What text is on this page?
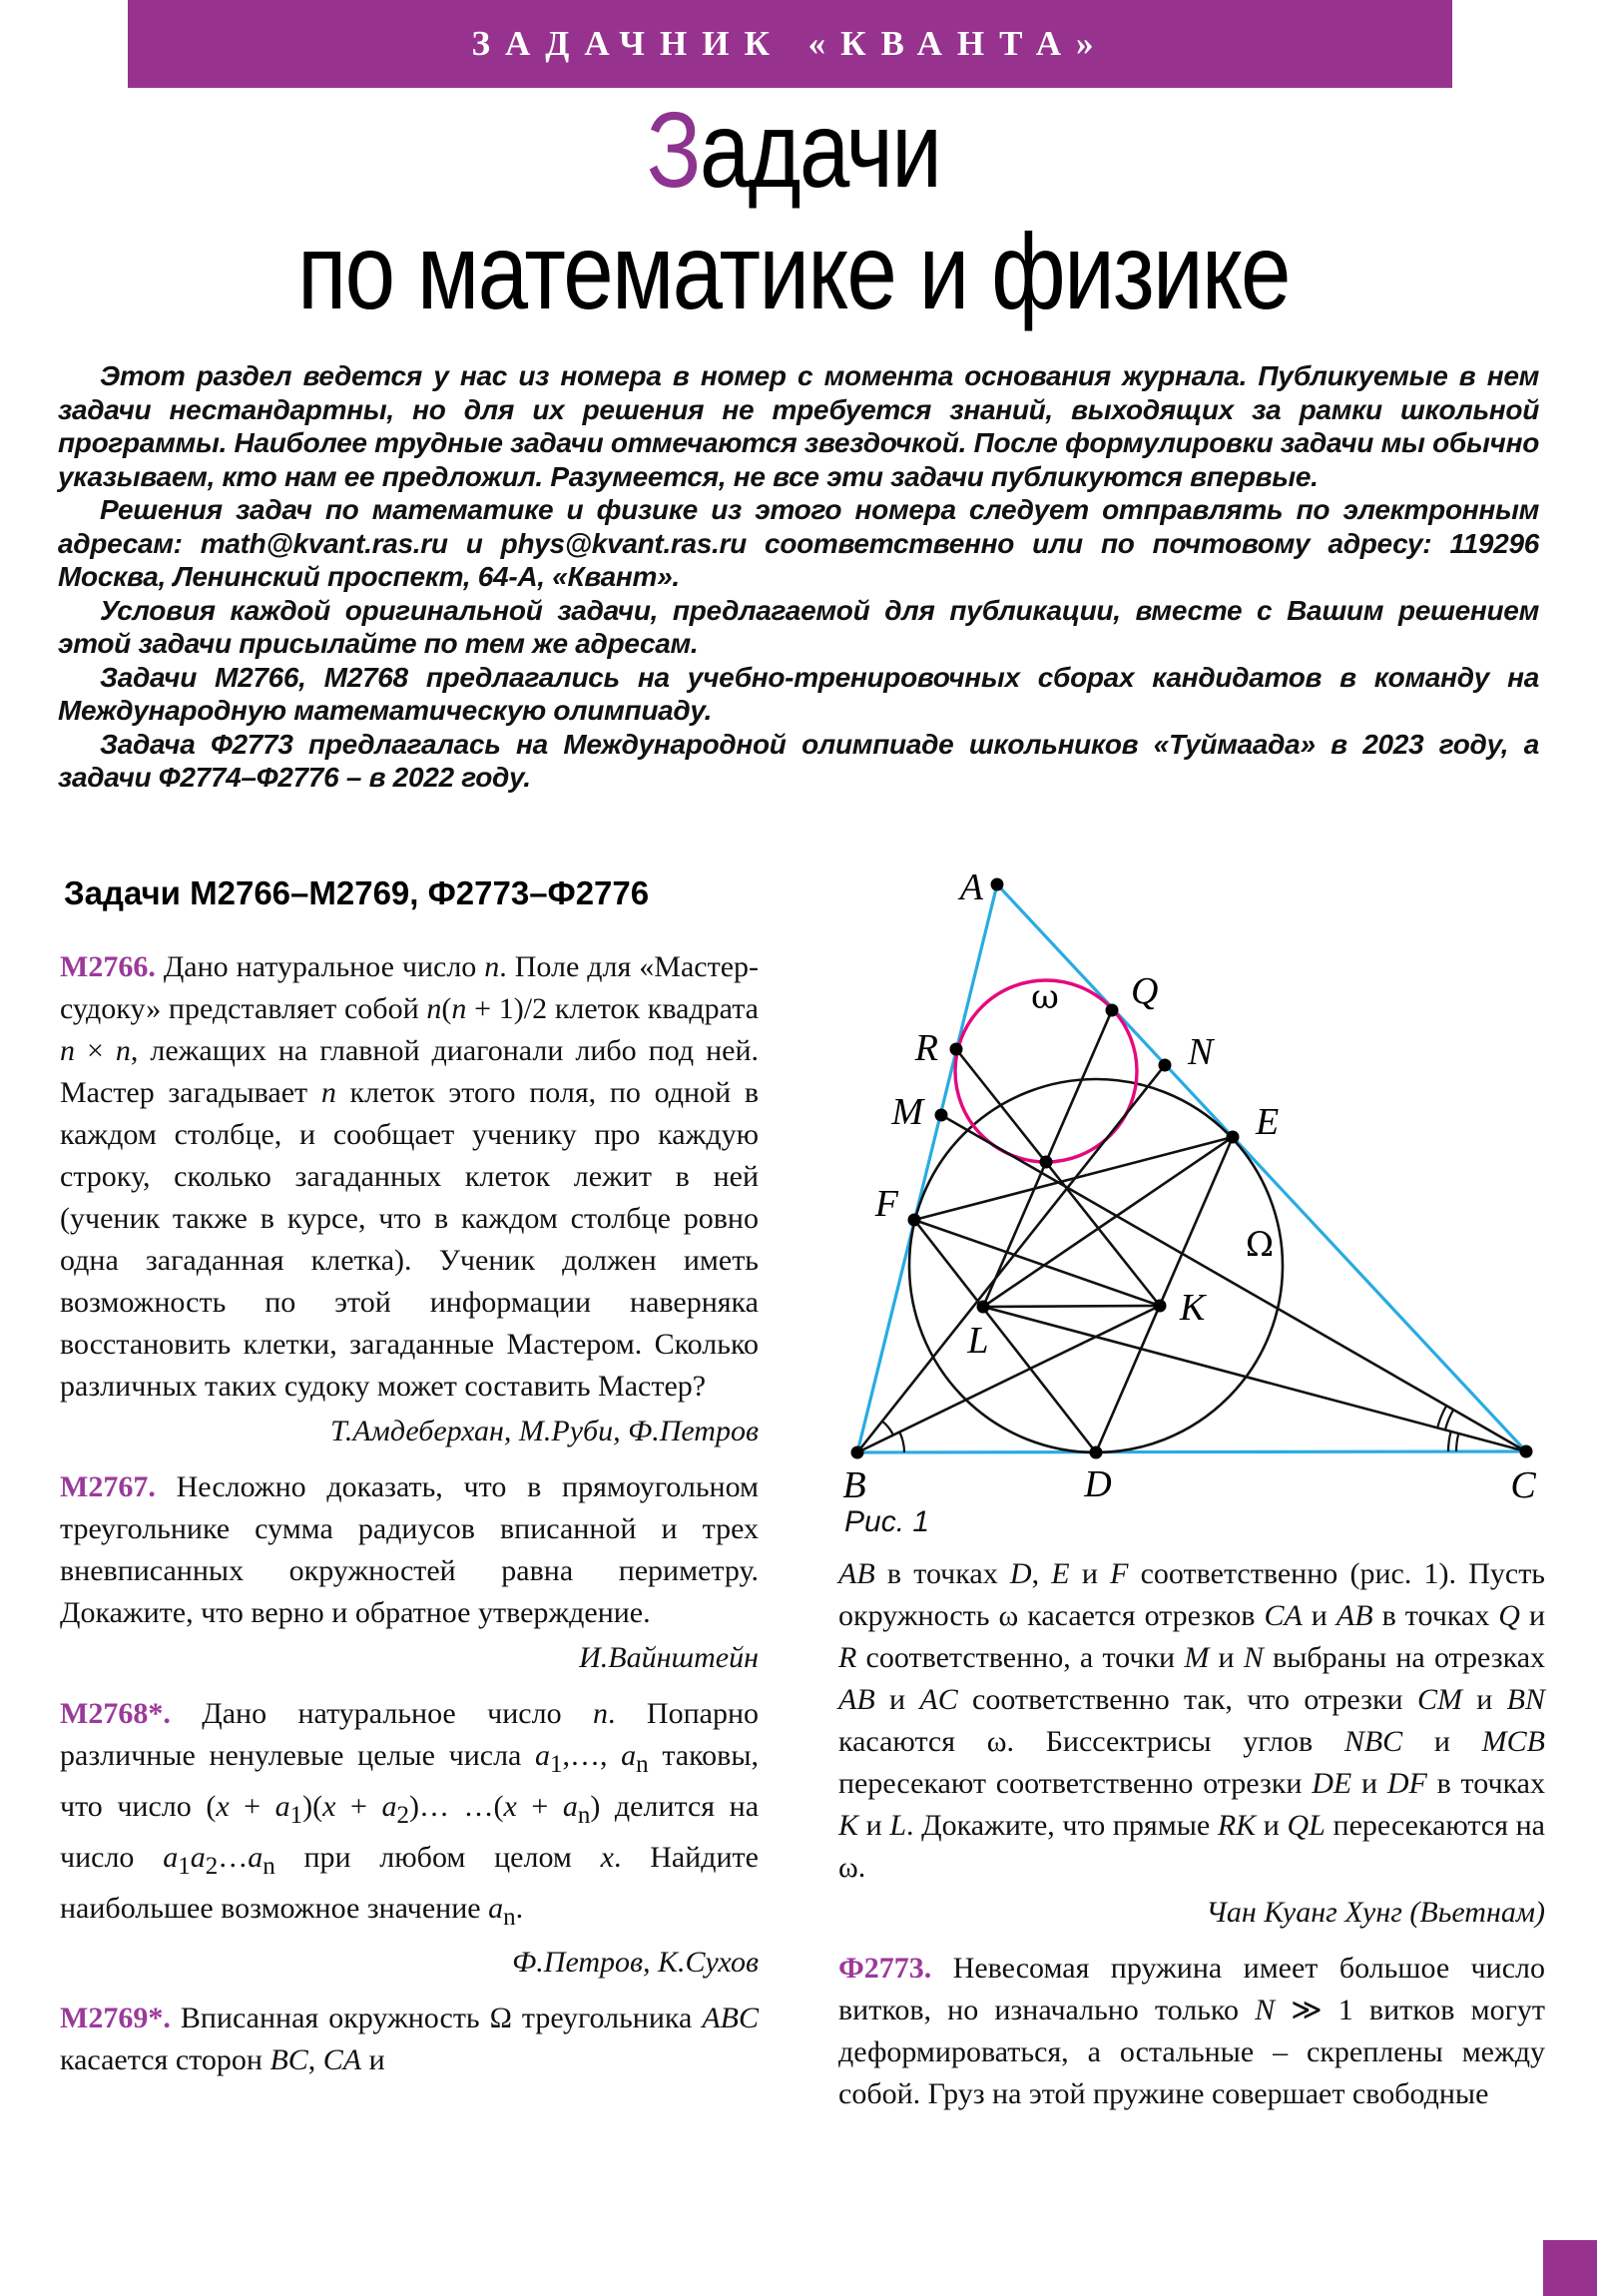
ЗАДАЧНИК «КВАНТА»
Задачи
по математике и физике

Этот раздел ведется у нас из номера в номер с момента основания журнала. Публикуемые в нем задачи нестандартны, но для их решения не требуется знаний, выходящих за рамки школьной программы. Наиболее трудные задачи отмечаются звездочкой. После формулировки задачи мы обычно указываем, кто нам ее предложил. Разумеется, не все эти задачи публикуются впервые.

Решения задач по математике и физике из этого номера следует отправлять по электронным адресам: math@kvant.ras.ru и phys@kvant.ras.ru соответственно или по почтовому адресу: 119296 Москва, Ленинский проспект, 64-А, «Квант».

Условия каждой оригинальной задачи, предлагаемой для публикации, вместе с Вашим решением этой задачи присылайте по тем же адресам.

Задачи М2766, М2768 предлагались на учебно-тренировочных сборах кандидатов в команду на Международную математическую олимпиаду.

Задача Ф2773 предлагалась на Международной олимпиаде школьников «Туймаада» в 2023 году, а задачи Ф2774–Ф2776 – в 2022 году.

Задачи М2766–М2769, Ф2773–Ф2776

М2766. Дано натуральное число n. Поле для «Мастер-судоку» представляет собой n(n + 1)/2 клеток квадрата n × n, лежащих на главной диагонали либо под ней. Мастер загадывает n клеток этого поля, по одной в каждом столбце, и сообщает ученику про каждую строку, сколько загаданных клеток лежит в ней (ученик также в курсе, что в каждом столбце ровно одна загаданная клетка). Ученик должен иметь возможность по этой информации наверняка восстановить клетки, загаданные Мастером. Сколько различных таких судоку может составить Мастер?

Т.Амдеберхан, М.Руби, Ф.Петров

М2767. Несложно доказать, что в прямоугольном треугольнике сумма радиусов вписанной и трех вневписанных окружностей равна периметру. Докажите, что верно и обратное утверждение.

И.Вайнштейн

М2768*. Дано натуральное число n. Попарно различные ненулевые целые числа $a_1,\dots$, $a_n$ таковы, что число $(x + a_1)(x$ + $a_2)\dots$ …(x + $a_n$) делится на число $a_1a_2\dots a_n$ при любом целом x. Найдите наибольшее возможное значение $a_n$.

Ф.Петров, К.Сухов

М2769*. Вписанная окружность Ω треугольника ABC касается сторон BC, CA и

A
B	C
D
E
F
K
L
M
N
Q
R
ω
Ω
Рис. 1

AB в точках D, E и F соответственно (рис. 1). Пусть окружность ω касается отрезков CA и AB в точках Q и R соответственно, а точки M и N выбраны на отрезках AB и AC соответственно так, что отрезки CM и BN касаются ω. Биссектрисы углов NBC и MCB пересекают соответственно отрезки DE и DF в точках K и L. Докажите, что прямые RK и QL пересекаются на ω.

Чан Куанг Хунг (Вьетнам)

Ф2773. Невесомая пружина имеет большое число витков, но изначально только N ≫ 1 витков могут деформироваться, а остальные – скреплены между собой. Груз на этой пружине совершает свободные
